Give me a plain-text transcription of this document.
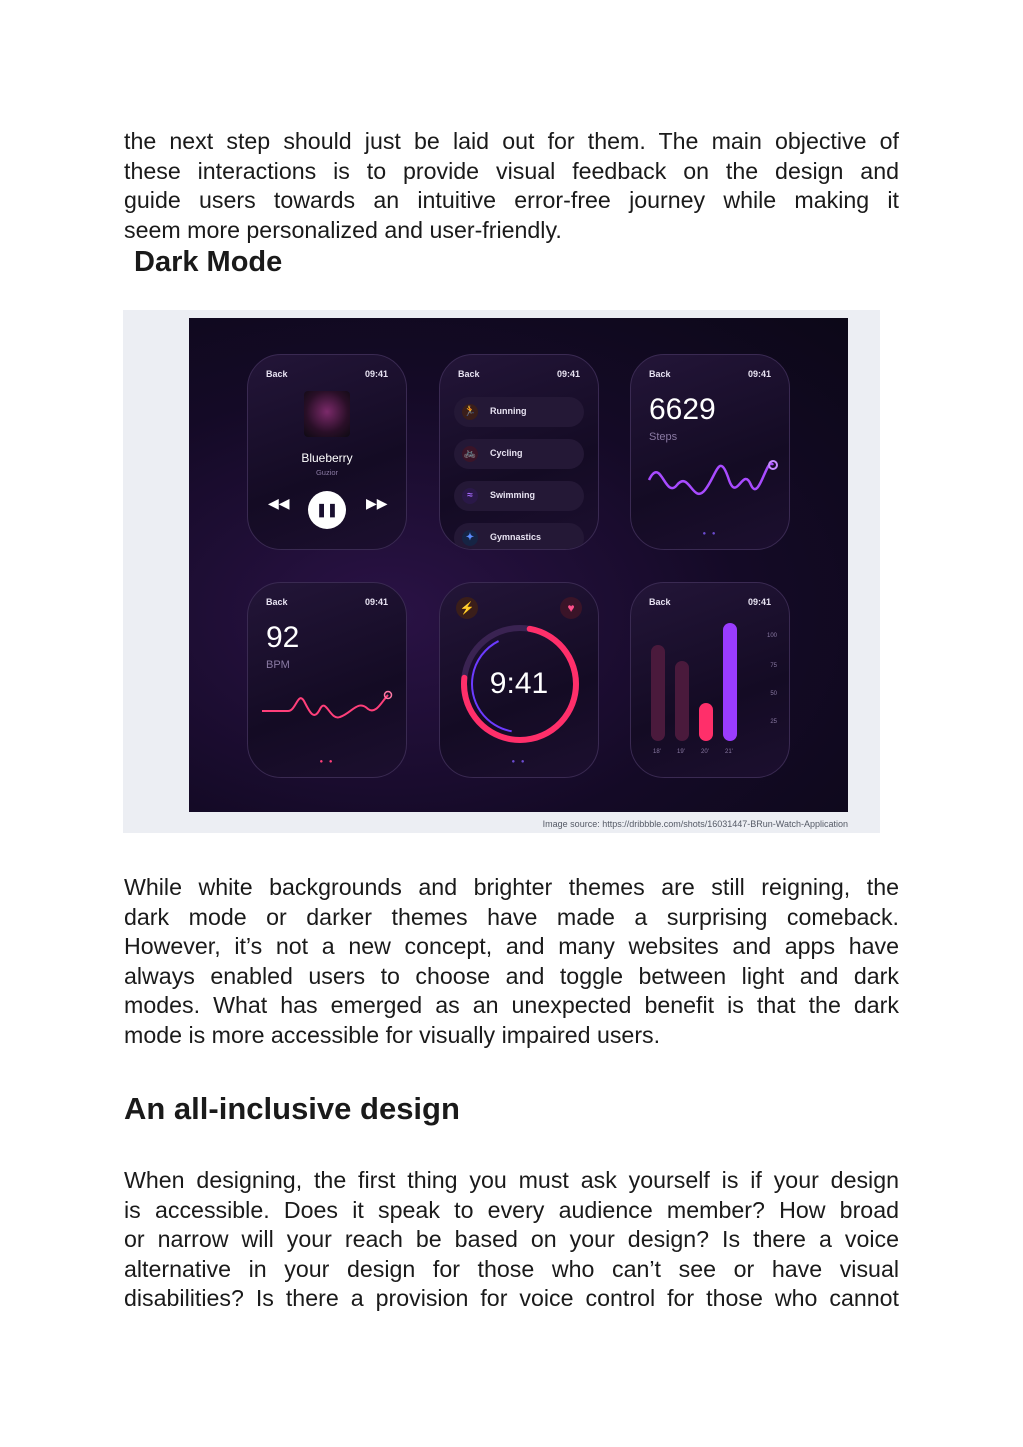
the next step should just be laid out for them. The main objective of
these interactions is to provide visual feedback on the design and
guide users towards an intuitive error-free journey while making it
seem more personalized and user-friendly.
Dark Mode
Back	09:41
Blueberry
Guzior
◀◀	❚❚	▶▶
Back	09:41
🏃 Running
🚲 Cycling
≈	Swimming
✦	Gymnastics
Back	09:41
6629
Steps
● ●
Back	09:41
92
BPM
● ●
⚡	♥
9:41
● ●
Back	09:41
100
75
50
25
18'	19'	20'	21'
Image source: https://dribbble.com/shots/16031447-BRun-Watch-Application
While white backgrounds and brighter themes are still reigning, the
dark mode or darker themes have made a surprising comeback.
However, it’s not a new concept, and many websites and apps have
always enabled users to choose and toggle between light and dark
modes. What has emerged as an unexpected benefit is that the dark
mode is more accessible for visually impaired users.
An all-inclusive design
When designing, the first thing you must ask yourself is if your design
is accessible. Does it speak to every audience member? How broad
or narrow will your reach be based on your design? Is there a voice
alternative in your design for those who can’t see or have visual
disabilities? Is there a provision for voice control for those who cannot
